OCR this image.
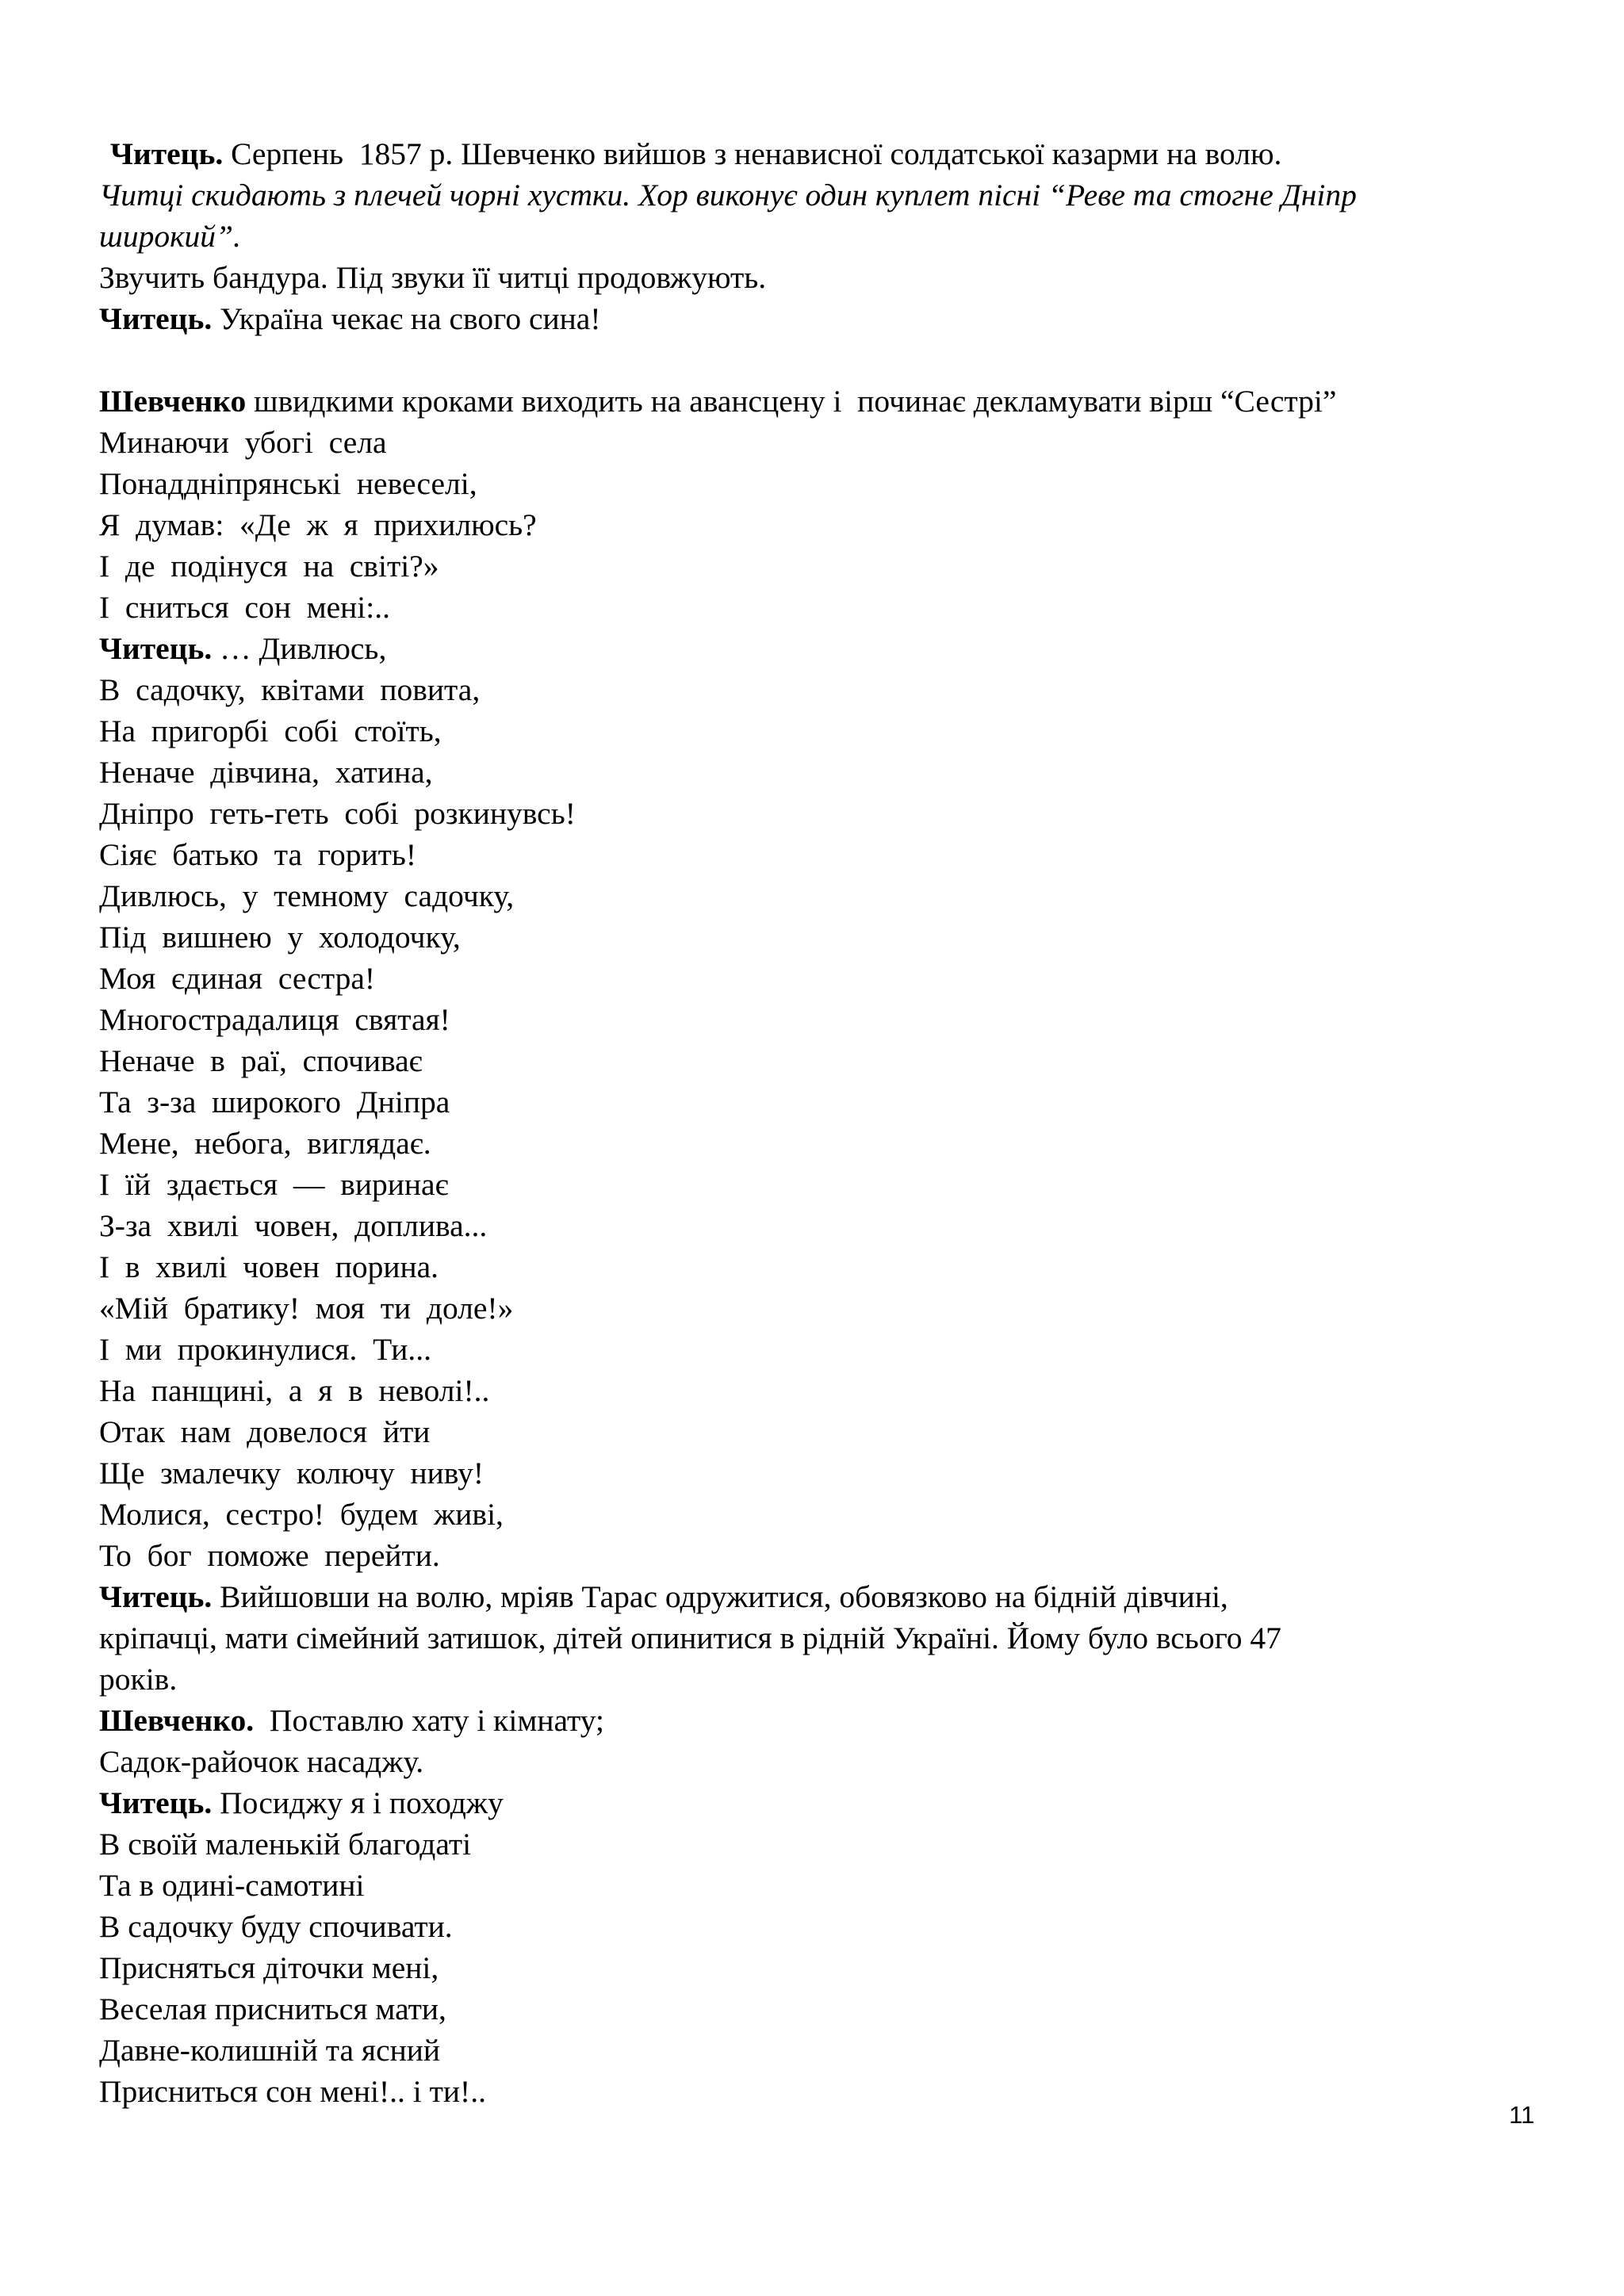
Читець. Серпень  1857 р. Шевченко вийшов з ненависної солдатської казарми на волю.
Читці скидають з плечей чорні хустки. Хор виконує один куплет пісні “Реве та стогне Дніпр
широкий”.
Звучить бандура. Під звуки її читці продовжують.
Читець. Україна чекає на свого сина!
Шевченко швидкими кроками виходить на авансцену і  починає декламувати вірш “Сестрі”
Минаючи  убогі  села
Понаддніпрянські  невеселі,
Я  думав:  «Де  ж  я  прихилюсь?
І  де  подінуся  на  світі?»
І  сниться  сон  мені:..
Читець. … Дивлюсь,
В  садочку,  квітами  повита,
На  пригорбі  собі  стоїть,
Неначе  дівчина,  хатина,
Дніпро  геть-геть  собі  розкинувсь!
Сіяє  батько  та  горить!
Дивлюсь,  у  темному  садочку,
Під  вишнею  у  холодочку,
Моя  єдиная  сестра!
Многострадалиця  святая!
Неначе  в  раї,  спочиває
Та  з-за  широкого  Дніпра
Мене,  небога,  виглядає.
І  їй  здається  —  виринає
З-за  хвилі  човен,  доплива...
І  в  хвилі  човен  порина.
«Мій  братику!  моя  ти  доле!»
І  ми  прокинулися.  Ти...
На  панщині,  а  я  в  неволі!..
Отак  нам  довелося  йти
Ще  змалечку  колючу  ниву!
Молися,  сестро!  будем  живі,
То  бог  поможе  перейти.
Читець. Вийшовши на волю, мріяв Тарас одружитися, обовязково на бідній дівчині,
кріпачці, мати сімейний затишок, дітей опинитися в рідній Україні. Йому було всього 47
років.
Шевченко.  Поставлю хату і кімнату;
Садок-райочок насаджу.
Читець. Посиджу я і походжу
В своїй маленькій благодаті
Та в одині-самотині
В садочку буду спочивати.
Присняться діточки мені,
Веселая присниться мати,
Давне-колишній та ясний
Присниться сон мені!.. і ти!..
11
